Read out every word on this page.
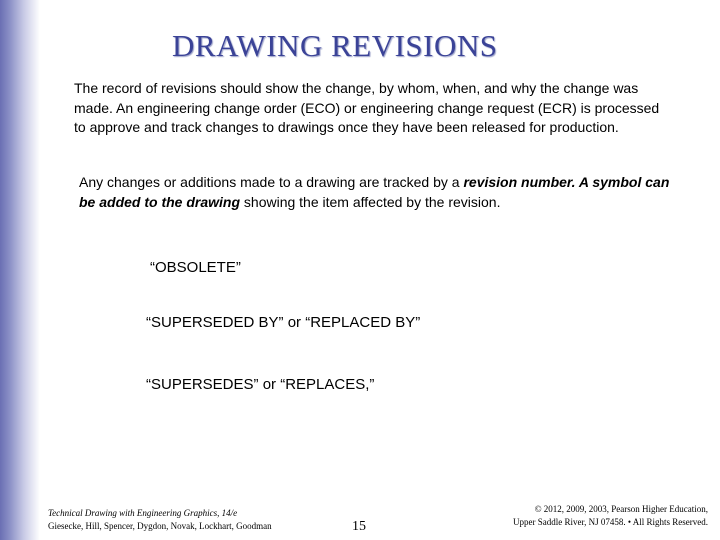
DRAWING REVISIONS
The record of revisions should show the change, by whom, when, and why the change was made. An engineering change order (ECO) or engineering change request (ECR) is processed to approve and track changes to drawings once they have been released for production.
Any changes or additions made to a drawing are tracked by a revision number. A symbol can be added to the drawing showing the item affected by the revision.
“OBSOLETE”
“SUPERSEDED BY” or “REPLACED BY”
“SUPERSEDES” or “REPLACES,”
Technical Drawing with Engineering Graphics, 14/e
Giesecke, Hill, Spencer, Dygdon, Novak, Lockhart, Goodman	15
© 2012, 2009, 2003, Pearson Higher Education,
Upper Saddle River, NJ 07458. • All Rights Reserved.
